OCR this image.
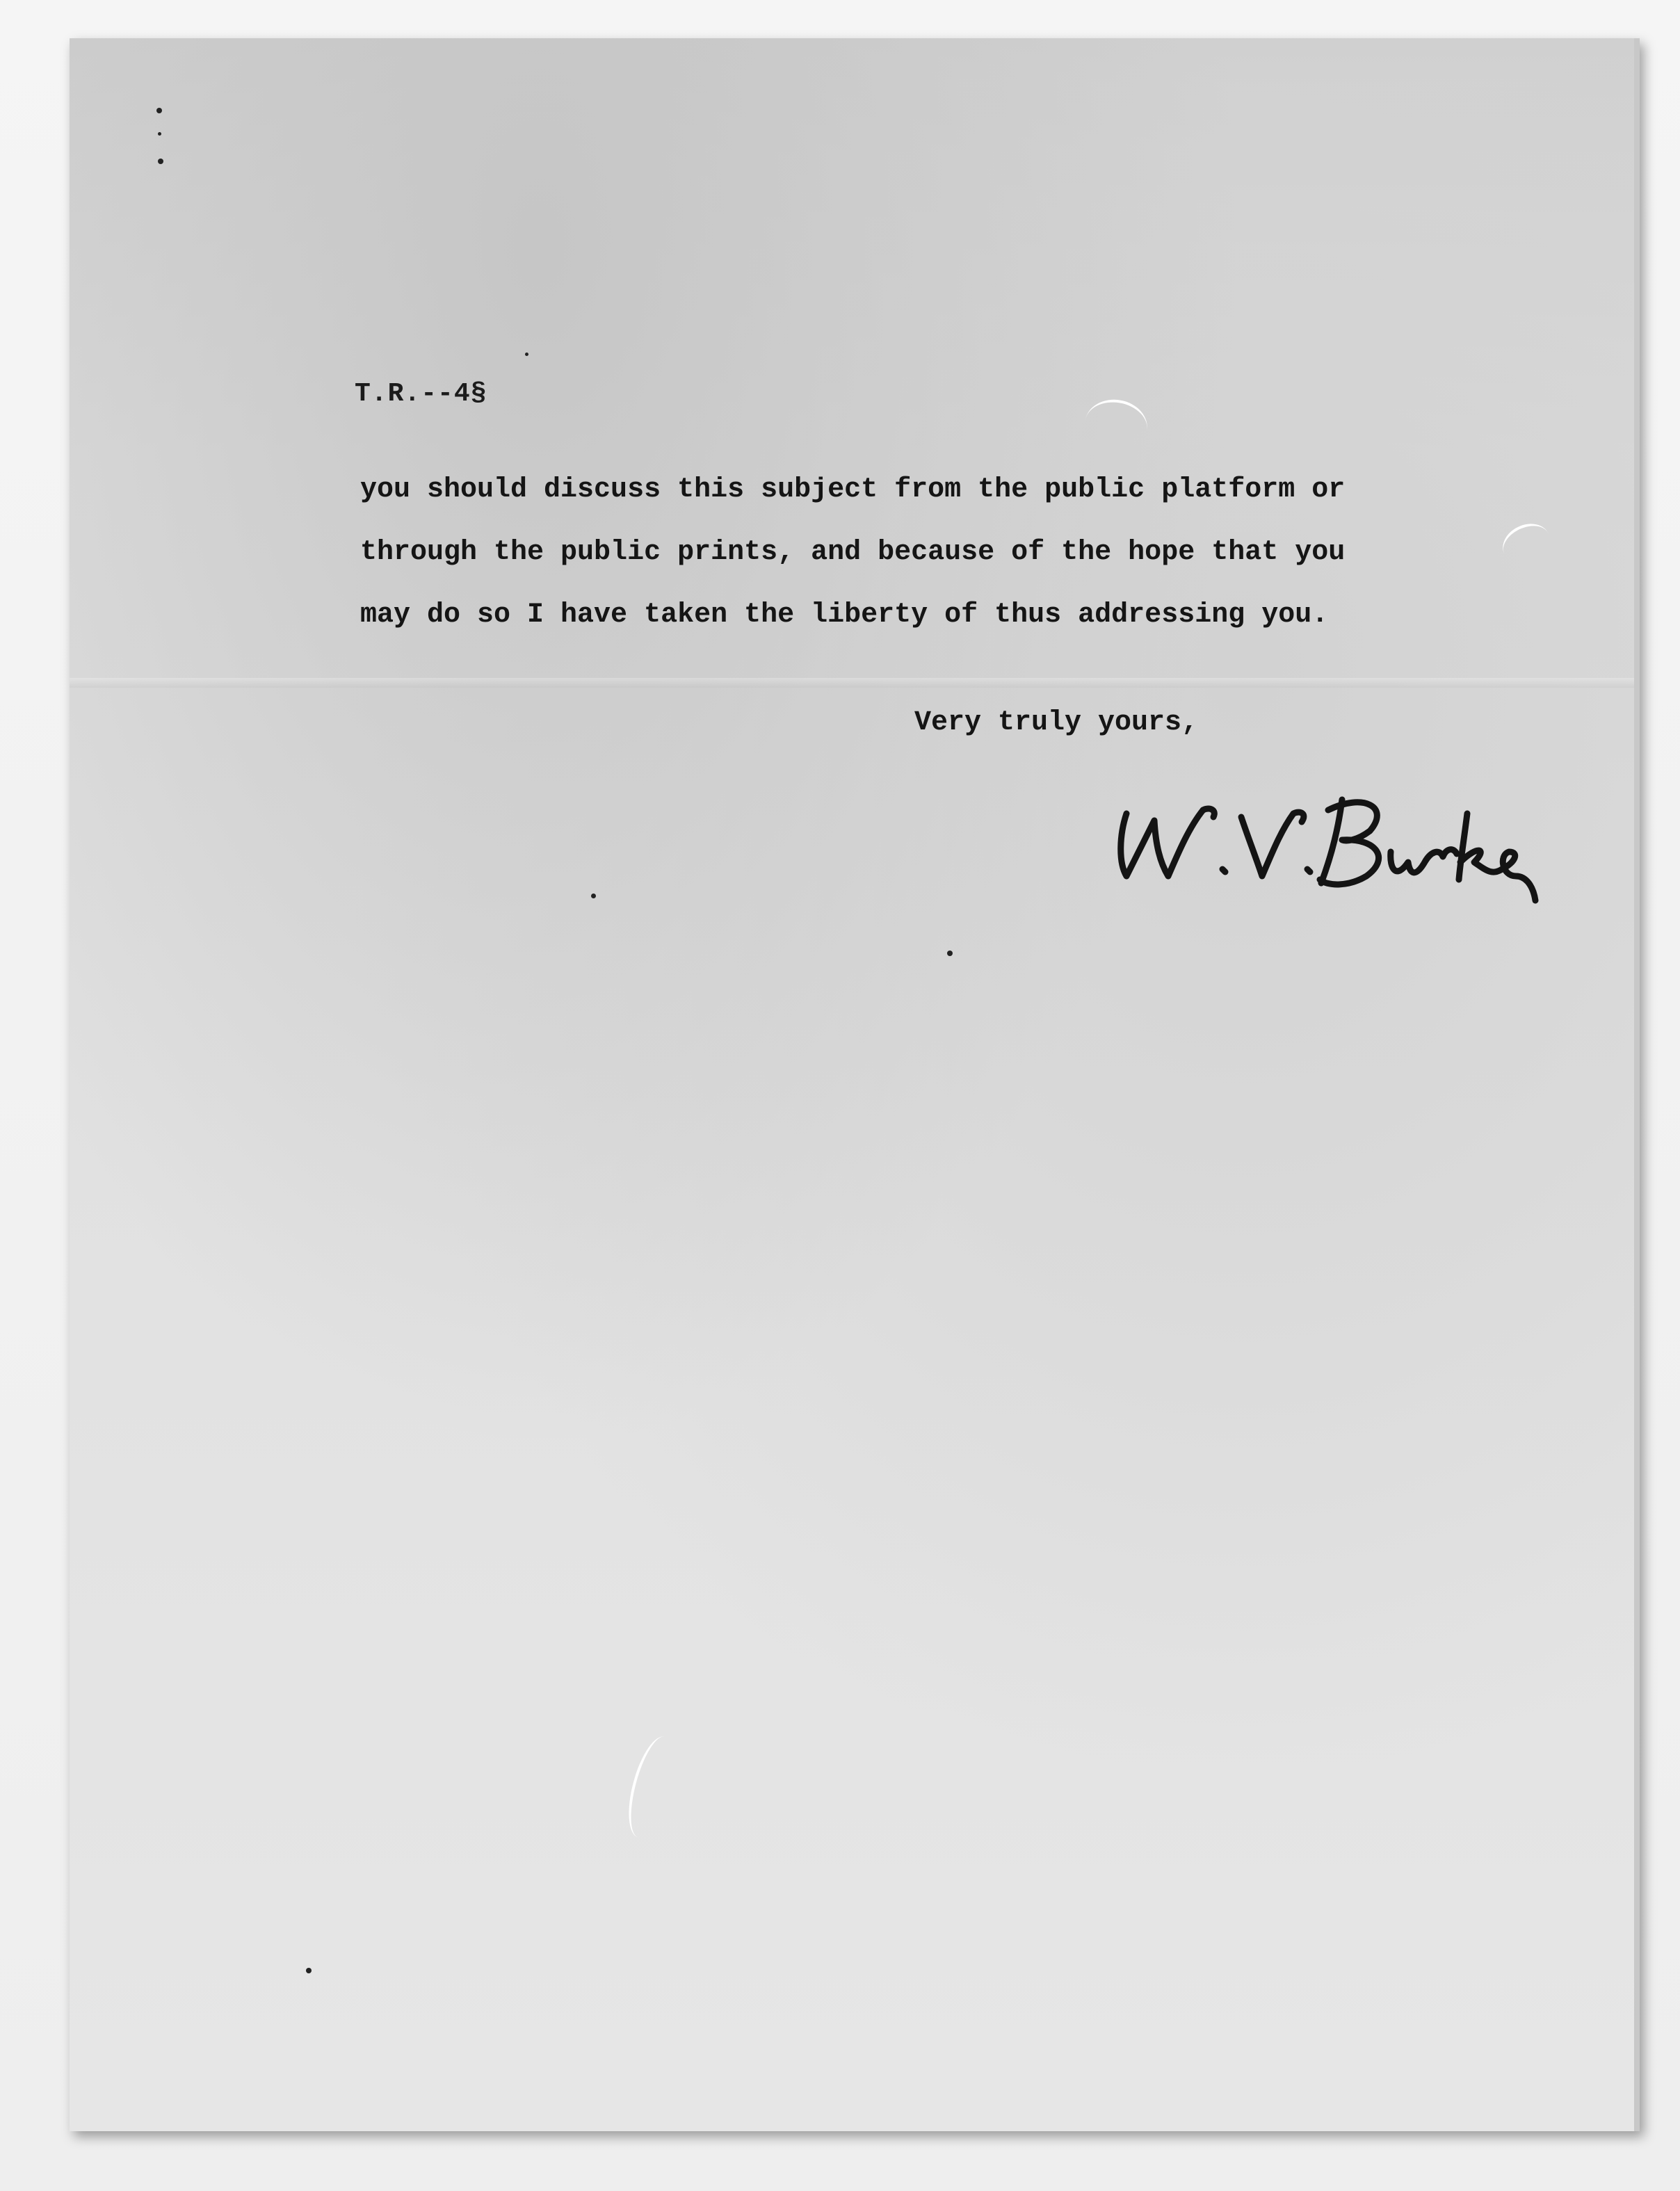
T.R.--4§
you should discuss this subject from the public platform or
through the public prints, and because of the hope that you
may do so I have taken the liberty of thus addressing you.
Very truly yours,
